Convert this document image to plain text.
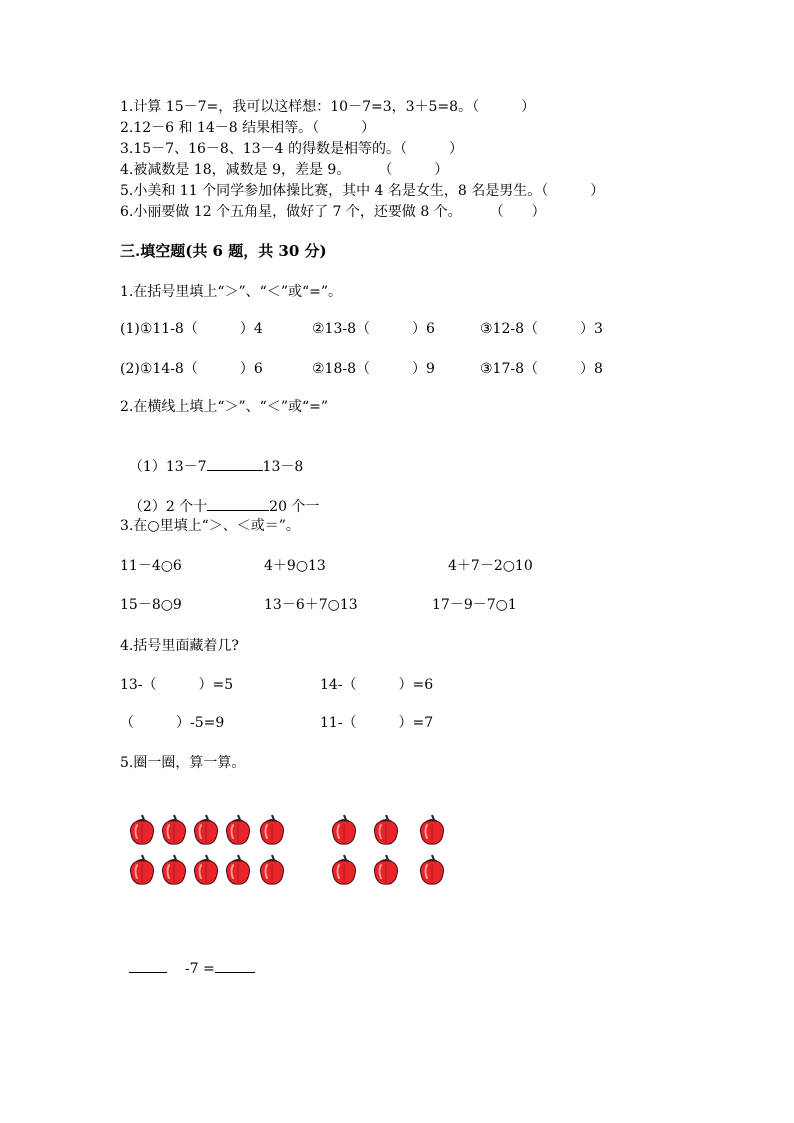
1.计算 15－7=，我可以这样想：10－7=3，3＋5=8。（　　　）
2.12－6 和 14－8 结果相等。（　　　）
3.15－7、16－8、13－4 的得数是相等的。（　　　）
4.被减数是 18，减数是 9，差是 9。　　　（　　　）
5.小美和 11 个同学参加体操比赛，其中 4 名是女生，8 名是男生。（　　　）
6.小丽要做 12 个五角星，做好了 7 个，还要做 8 个。　　　（　　）
三.填空题(共 6 题，共 30 分)
1.在括号里填上“＞”、“＜”或“=”。
(1)①11-8（　　　）4	②13-8（　　　）6	③12-8（　　　）3
(2)①14-8（　　　）6	②18-8（　　　）9	③17-8（　　　）8
2.在横线上填上“＞”、“＜”或“=”

（1）13－7	13－8

（2）2 个十	20 个一

3.在○里填上“＞、＜或＝”。
11－4○6	4＋9○13	4＋7－2○10
15－8○9	13－6＋7○13	17－9－7○1
4.括号里面藏着几?
13-（　　　）=5	14-（　　　）=6
（　　　）-5=9	11-（　　　）=7
5.圈一圈，算一算。

-7 =
